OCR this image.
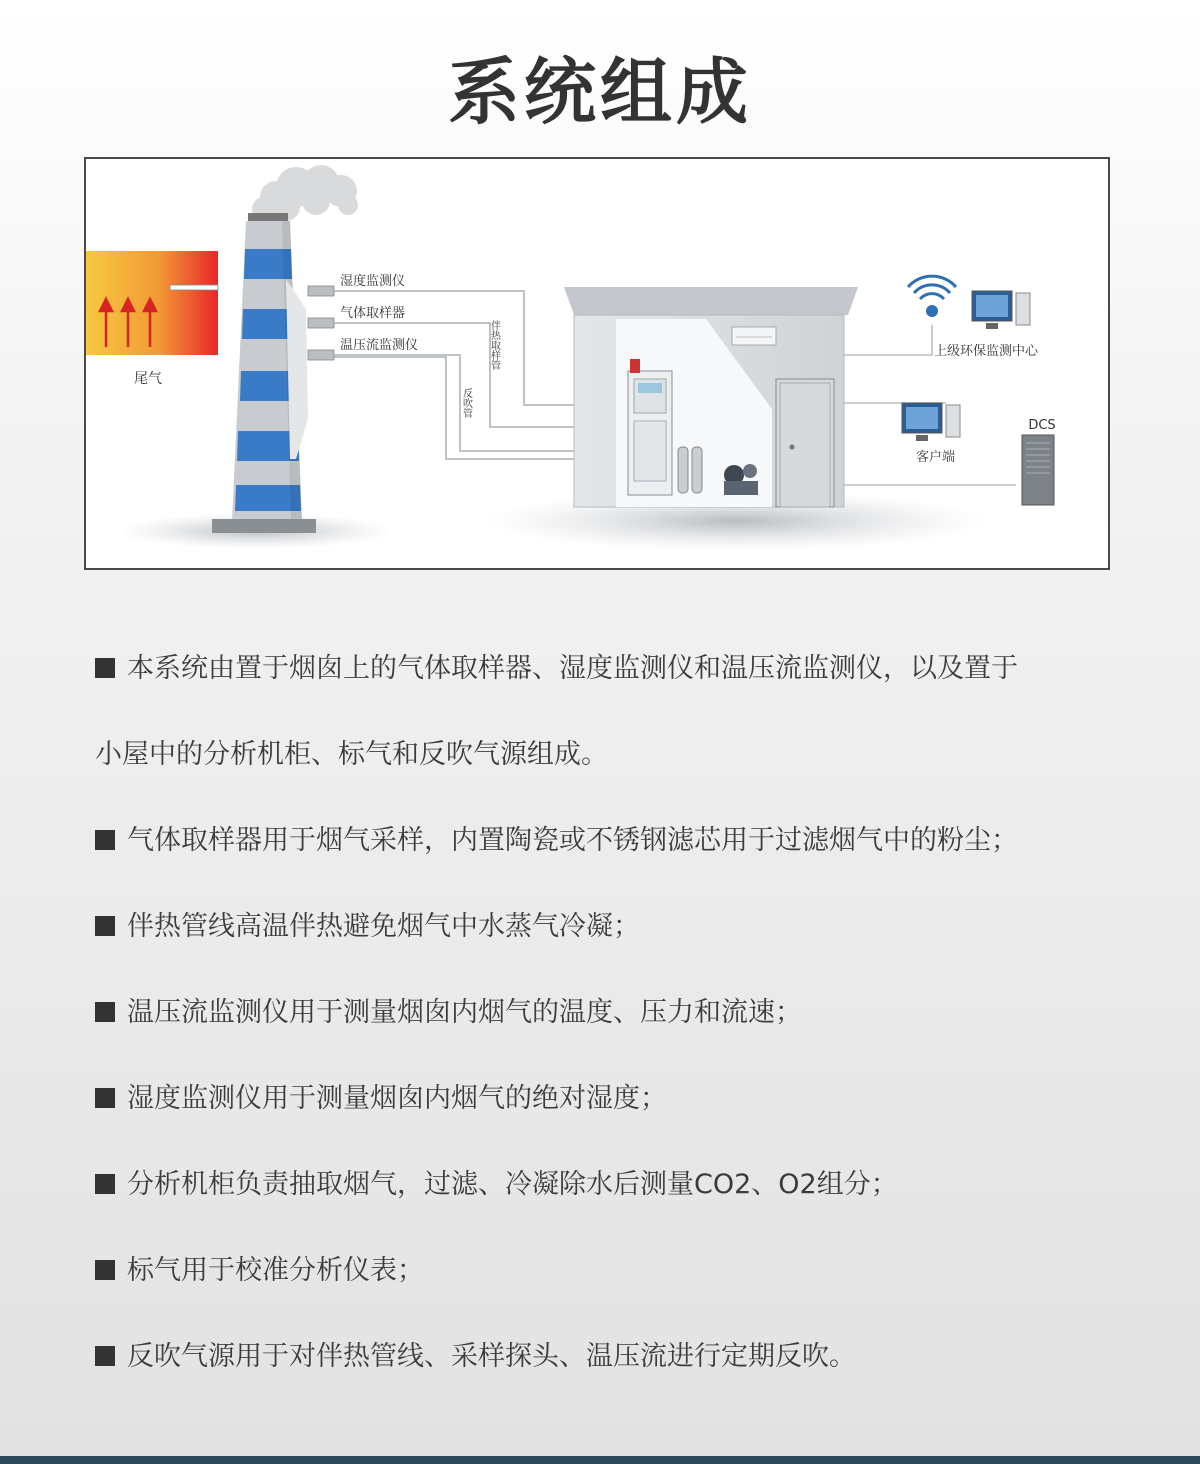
系统组成
尾气
湿度监测仪
气体取样器
温压流监测仪	伴热取样管
反吹管
上级环保监测中心
客户端
DCS
本系统由置于烟囱上的气体取样器、湿度监测仪和温压流监测仪，以及置于
小屋中的分析机柜、标气和反吹气源组成。
气体取样器用于烟气采样，内置陶瓷或不锈钢滤芯用于过滤烟气中的粉尘；
伴热管线高温伴热避免烟气中水蒸气冷凝；
温压流监测仪用于测量烟囱内烟气的温度、压力和流速；
湿度监测仪用于测量烟囱内烟气的绝对湿度；
分析机柜负责抽取烟气，过滤、冷凝除水后测量CO2、O2组分；
标气用于校准分析仪表；
反吹气源用于对伴热管线、采样探头、温压流进行定期反吹。
